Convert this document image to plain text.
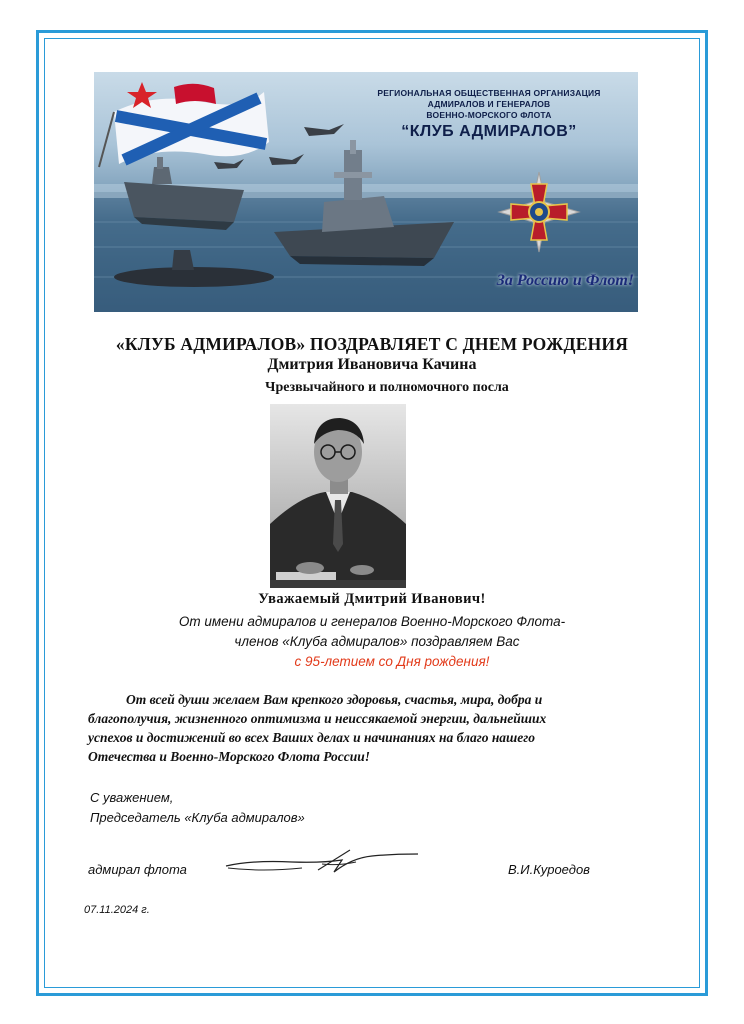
РЕГИОНАЛЬНАЯ ОБЩЕСТВЕННАЯ ОРГАНИЗАЦИЯ
АДМИРАЛОВ И ГЕНЕРАЛОВ
ВОЕННО-МОРСКОГО ФЛОТА
“КЛУБ АДМИРАЛОВ”
За Россию и Флот!
«КЛУБ АДМИРАЛОВ» ПОЗДРАВЛЯЕТ С ДНЕМ РОЖДЕНИЯ
Дмитрия Ивановича Качина
Чрезвычайного и полномочного посла
Уважаемый Дмитрий Иванович!
От имени адмиралов и генералов Военно-Морского Флота-
членов «Клуба адмиралов» поздравляем Вас
с 95-летием со Дня рождения!
От всей души желаем Вам крепкого здоровья, счастья, мира, добра и
благополучия, жизненного оптимизма и неиссякаемой энергии, дальнейших
успехов и достижений во всех Ваших делах и начинаниях на благо нашего
Отечества и Военно-Морского Флота России!
С уважением,
Председатель «Клуба адмиралов»
адмирал флота	В.И.Куроедов
07.11.2024 г.
